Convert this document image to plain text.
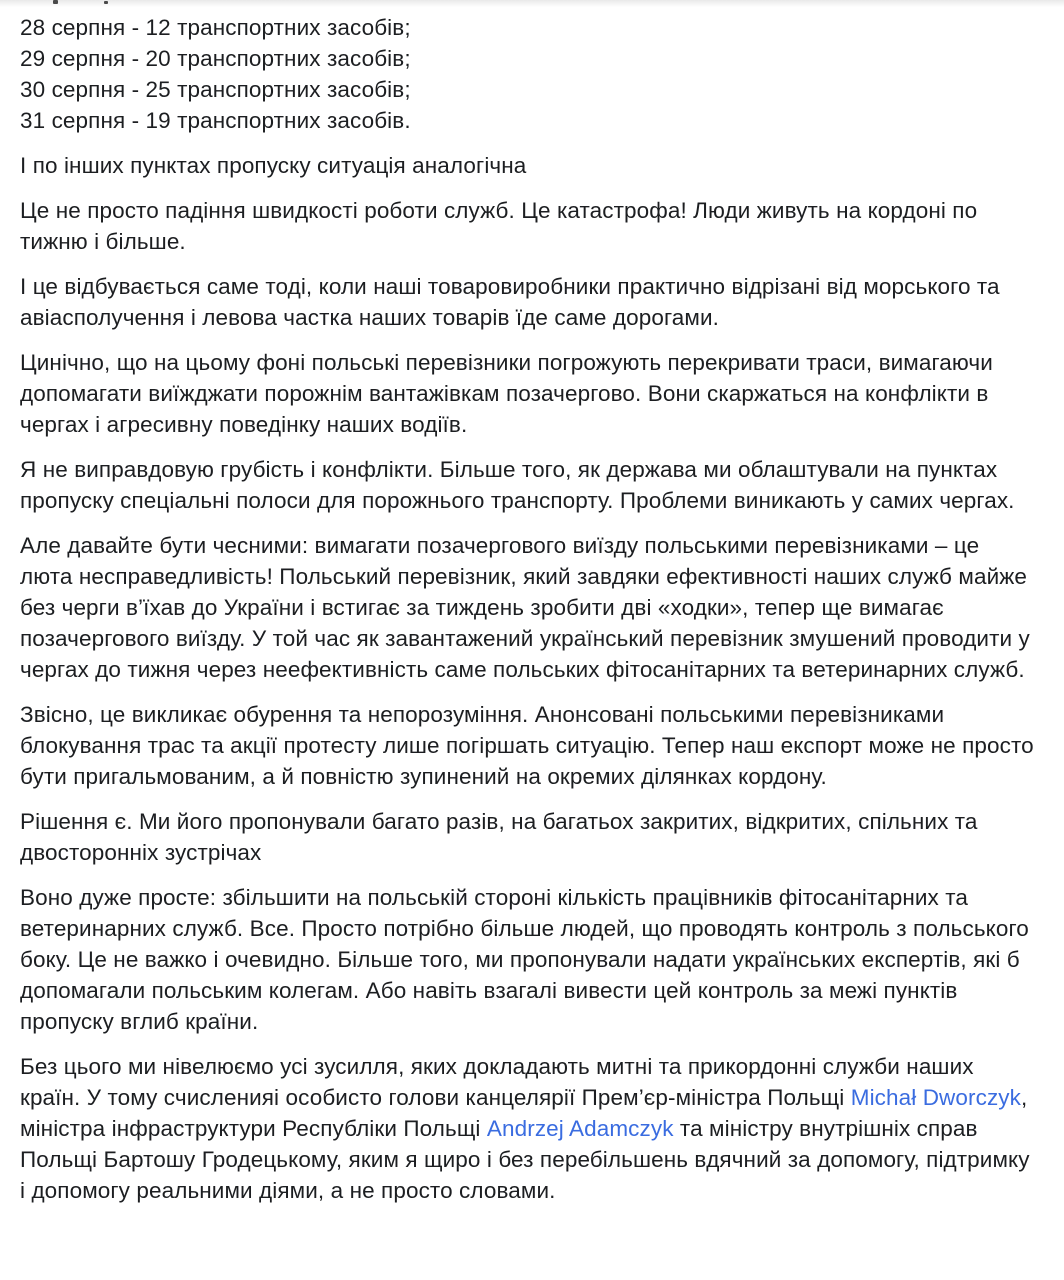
28 серпня - 12 транспортних засобів;
29 серпня - 20 транспортних засобів;
30 серпня - 25 транспортних засобів;
31 серпня - 19 транспортних засобів.

І по інших пунктах пропуску ситуація аналогічна

Це не просто падіння швидкості роботи служб. Це катастрофа! Люди живуть на кордоні по тижню і більше.

І це відбувається саме тоді, коли наші товаровиробники практично відрізані від морського та авіасполучення і левова частка наших товарів їде саме дорогами.

Цинічно, що на цьому фоні польські перевізники погрожують перекривати траси, вимагаючи допомагати виїжджати порожнім вантажівкам позачергово. Вони скаржаться на конфлікти в чергах і агресивну поведінку наших водіїв.

Я не виправдовую грубість і конфлікти. Більше того, як держава ми облаштували на пунктах пропуску спеціальні полоси для порожнього транспорту. Проблеми виникають у самих чергах.

Але давайте бути чесними: вимагати позачергового виїзду польськими перевізниками – це люта несправедливість! Польський перевізник, який завдяки ефективності наших служб майже без черги в’їхав до України і встигає за тиждень зробити дві «ходки», тепер ще вимагає позачергового виїзду. У той час як завантажений український перевізник змушений проводити у чергах до тижня через неефективність саме польських фітосанітарних та ветеринарних служб.

Звісно, це викликає обурення та непорозуміння. Анонсовані польськими перевізниками блокування трас та акції протесту лише погіршать ситуацію. Тепер наш експорт може не просто бути пригальмованим, а й повністю зупинений на окремих ділянках кордону.

Рішення є. Ми його пропонували багато разів, на багатьох закритих, відкритих, спільних та двосторонніх зустрічах

Воно дуже просте: збільшити на польській стороні кількість працівників фітосанітарних та ветеринарних служб. Все. Просто потрібно більше людей, що проводять контроль з польського боку. Це не важко і очевидно. Більше того, ми пропонували надати українських експертів, які б допомагали польським колегам. Або навіть взагалі вивести цей контроль за межі пунктів пропуску вглиб країни.

Без цього ми нівелюємо усі зусилля, яких докладають митні та прикордонні служби наших країн. У тому счисленияі особисто голови канцелярії Прем’єр-міністра Польщі Michał Dworczyk, міністра інфраструктури Республіки Польщі Andrzej Adamczyk та міністру внутрішніх справ Польщі Бартошу Гродецькому, яким я щиро і без перебільшень вдячний за допомогу, підтримку і допомогу реальними діями, а не просто словами.
